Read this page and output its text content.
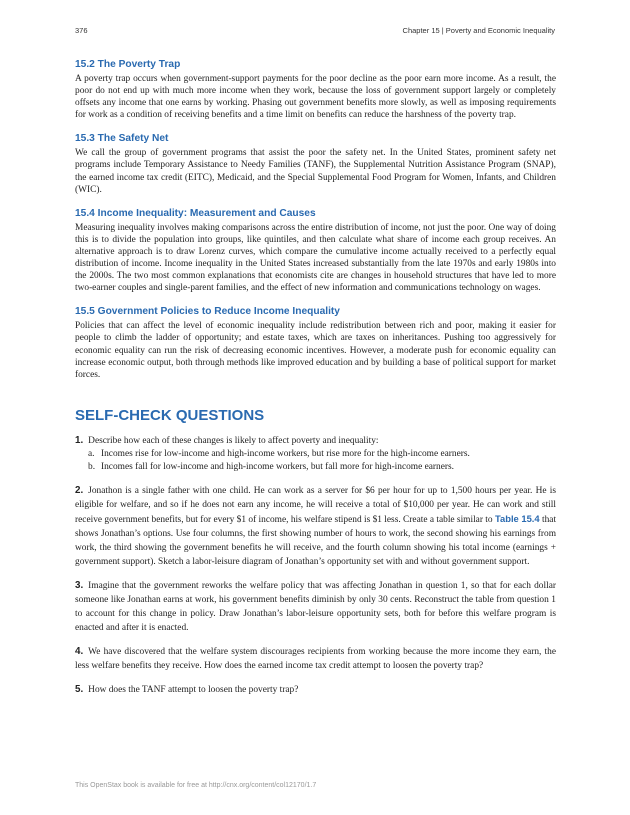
376	Chapter 15 | Poverty and Economic Inequality
15.2 The Poverty Trap

A poverty trap occurs when government-support payments for the poor decline as the poor earn more income. As a result, the poor do not end up with much more income when they work, because the loss of government support largely or completely offsets any income that one earns by working. Phasing out government benefits more slowly, as well as imposing requirements for work as a condition of receiving benefits and a time limit on benefits can reduce the harshness of the poverty trap.

15.3 The Safety Net

We call the group of government programs that assist the poor the safety net. In the United States, prominent safety net programs include Temporary Assistance to Needy Families (TANF), the Supplemental Nutrition Assistance Program (SNAP), the earned income tax credit (EITC), Medicaid, and the Special Supplemental Food Program for Women, Infants, and Children (WIC).

15.4 Income Inequality: Measurement and Causes

Measuring inequality involves making comparisons across the entire distribution of income, not just the poor. One way of doing this is to divide the population into groups, like quintiles, and then calculate what share of income each group receives. An alternative approach is to draw Lorenz curves, which compare the cumulative income actually received to a perfectly equal distribution of income. Income inequality in the United States increased substantially from the late 1970s and early 1980s into the 2000s. The two most common explanations that economists cite are changes in household structures that have led to more two-earner couples and single-parent families, and the effect of new information and communications technology on wages.

15.5 Government Policies to Reduce Income Inequality

Policies that can affect the level of economic inequality include redistribution between rich and poor, making it easier for people to climb the ladder of opportunity; and estate taxes, which are taxes on inheritances. Pushing too aggressively for economic equality can run the risk of decreasing economic incentives. However, a moderate push for economic equality can increase economic output, both through methods like improved education and by building a base of political support for market forces.

SELF-CHECK QUESTIONS
1. Describe how each of these changes is likely to affect poverty and inequality:
a. Incomes rise for low-income and high-income workers, but rise more for the high-income earners.
b. Incomes fall for low-income and high-income workers, but fall more for high-income earners.
2. Jonathon is a single father with one child. He can work as a server for $6 per hour for up to 1,500 hours per year. He is eligible for welfare, and so if he does not earn any income, he will receive a total of $10,000 per year. He can work and still receive government benefits, but for every $1 of income, his welfare stipend is $1 less. Create a table similar to Table 15.4 that shows Jonathan’s options. Use four columns, the first showing number of hours to work, the second showing his earnings from work, the third showing the government benefits he will receive, and the fourth column showing his total income (earnings + government support). Sketch a labor-leisure diagram of Jonathan’s opportunity set with and without government support.
3. Imagine that the government reworks the welfare policy that was affecting Jonathan in question 1, so that for each dollar someone like Jonathan earns at work, his government benefits diminish by only 30 cents. Reconstruct the table from question 1 to account for this change in policy. Draw Jonathan’s labor-leisure opportunity sets, both for before this welfare program is enacted and after it is enacted.
4. We have discovered that the welfare system discourages recipients from working because the more income they earn, the less welfare benefits they receive. How does the earned income tax credit attempt to loosen the poverty trap?
5. How does the TANF attempt to loosen the poverty trap?
This OpenStax book is available for free at http://cnx.org/content/col12170/1.7
